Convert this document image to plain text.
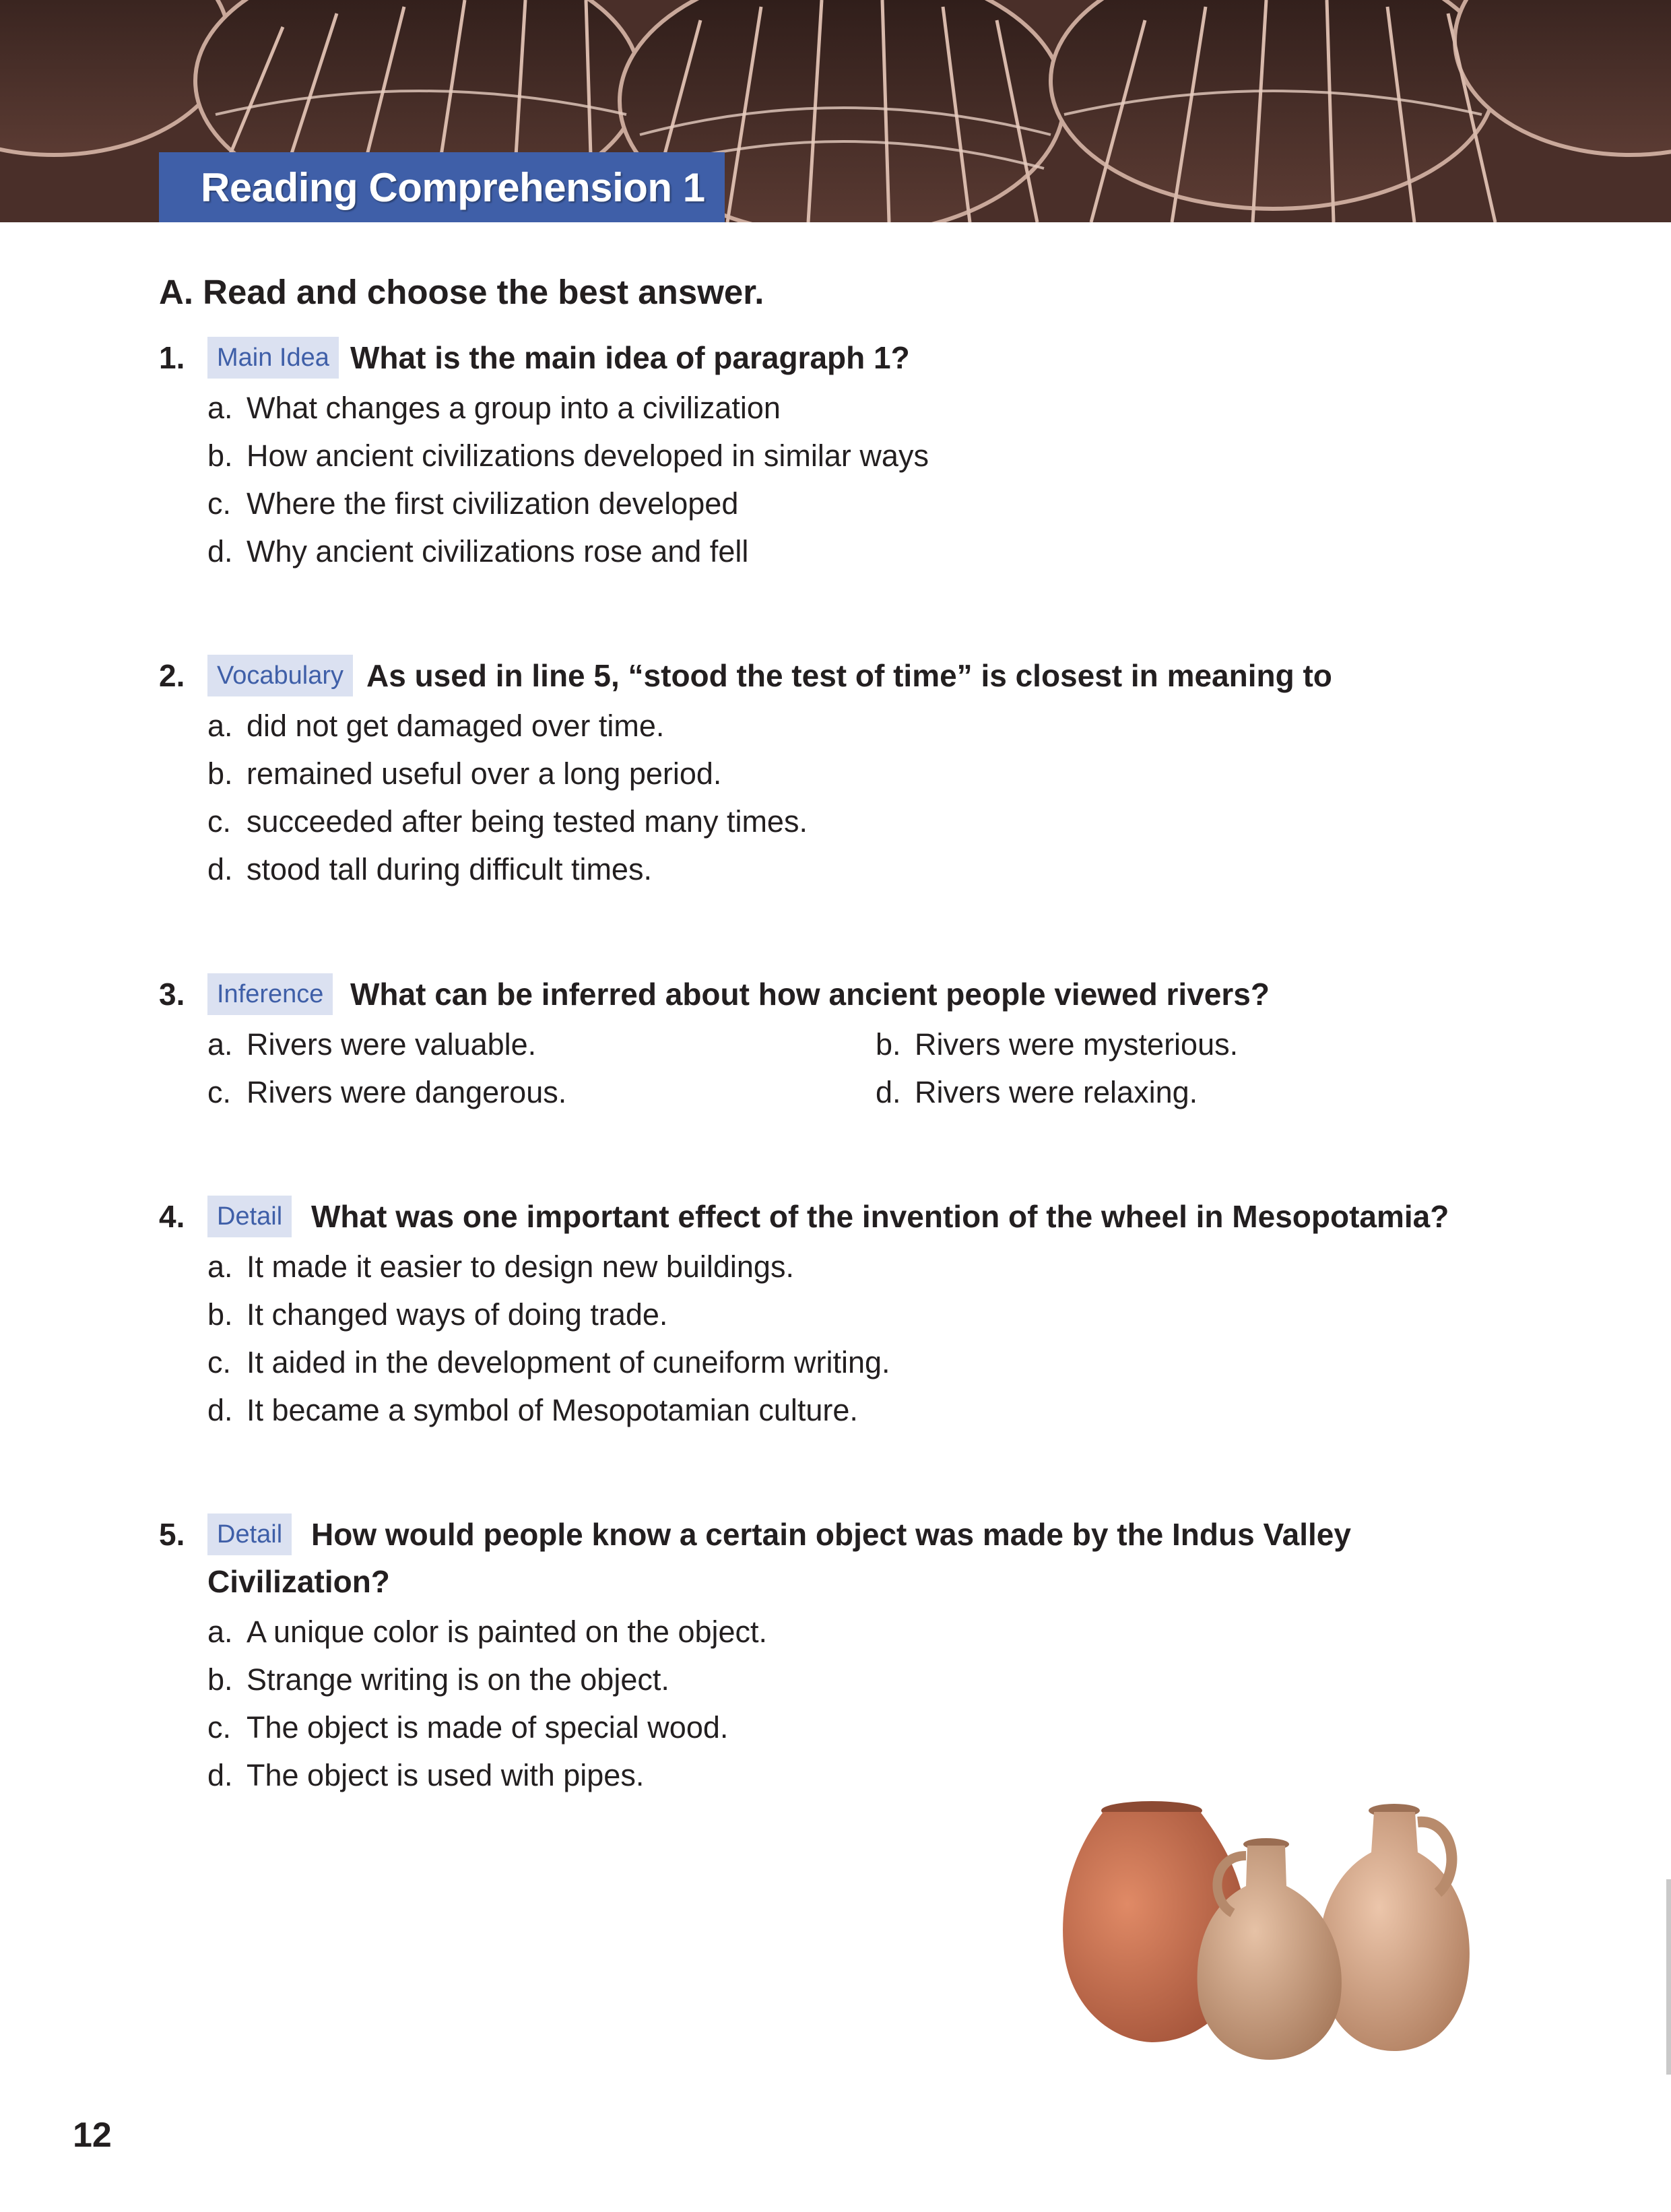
Reading Comprehension 1
A. Read and choose the best answer.
1.	Main Idea What is the main idea of paragraph 1?
a. What changes a group into a civilization
b. How ancient civilizations developed in similar ways
c. Where the first civilization developed
d. Why ancient civilizations rose and fell
2.	Vocabulary As used in line 5, “stood the test of time” is closest in meaning to
a. did not get damaged over time.
b. remained useful over a long period.
c. succeeded after being tested many times.
d. stood tall during difficult times.
3.	Inference What can be inferred about how ancient people viewed rivers?
a. Rivers were valuable.	b. Rivers were mysterious.
c. Rivers were dangerous.	d. Rivers were relaxing.
4.	Detail What was one important effect of the invention of the wheel in Mesopotamia?
a. It made it easier to design new buildings.
b. It changed ways of doing trade.
c. It aided in the development of cuneiform writing.
d. It became a symbol of Mesopotamian culture.
5.	Detail How would people know a certain object was made by the Indus Valley
Civilization?
a. A unique color is painted on the object.
b. Strange writing is on the object.
c. The object is made of special wood.
d. The object is used with pipes.
12
